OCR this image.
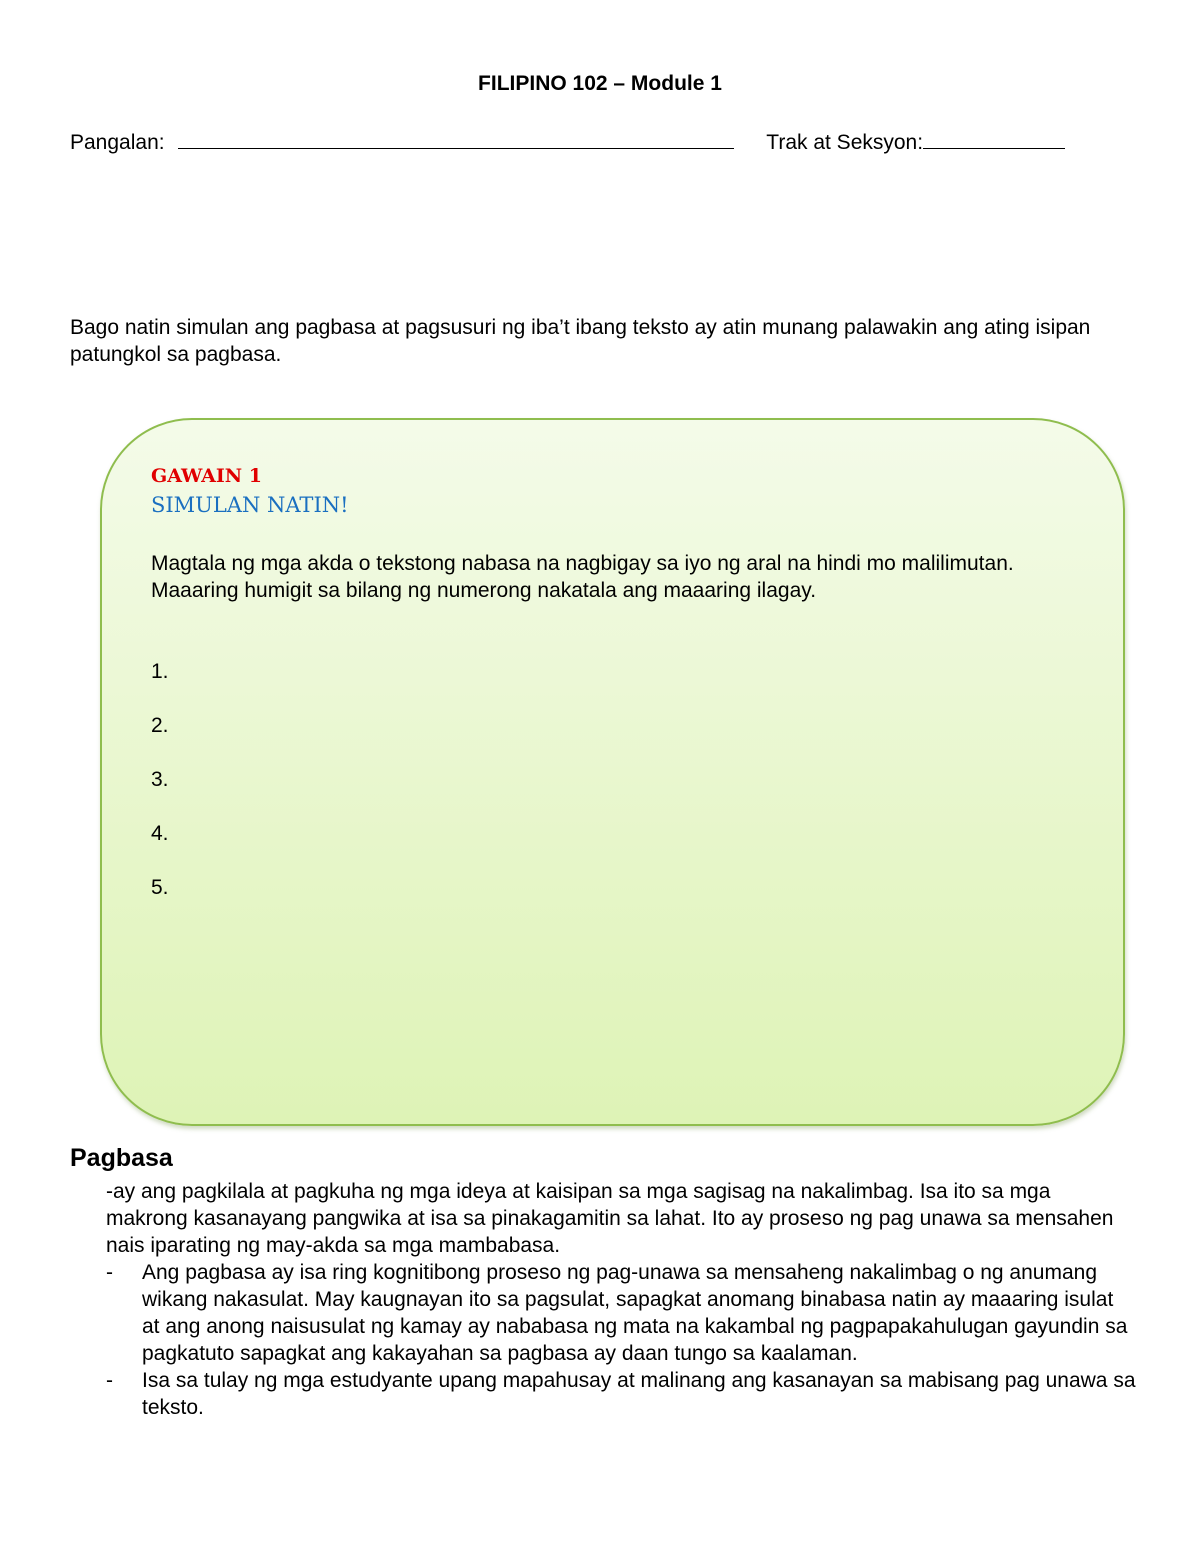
FILIPINO 102 – Module 1
Pangalan:	Trak at Seksyon:
Bago natin simulan ang pagbasa at pagsusuri ng iba’t ibang teksto ay atin munang palawakin ang ating isipan patungkol sa pagbasa.
GAWAIN 1
SIMULAN NATIN!
Magtala ng mga akda o tekstong nabasa na nagbigay sa iyo ng aral na hindi mo malilimutan. Maaaring humigit sa bilang ng numerong nakatala ang maaaring ilagay.
1.
2.
3.
4.
5.
Pagbasa
-ay ang pagkilala at pagkuha ng mga ideya at kaisipan sa mga sagisag na nakalimbag. Isa ito sa mga makrong kasanayang pangwika at isa sa pinakagamitin sa lahat. Ito ay proseso ng pag unawa sa mensahen nais iparating ng may-akda sa mga mambabasa.
- Ang pagbasa ay isa ring kognitibong proseso ng pag-unawa sa mensaheng nakalimbag o ng anumang wikang nakasulat. May kaugnayan ito sa pagsulat, sapagkat anomang binabasa natin ay maaaring isulat at ang anong naisusulat ng kamay ay nababasa ng mata na kakambal ng pagpapakahulugan gayundin sa pagkatuto sapagkat ang kakayahan sa pagbasa ay daan tungo sa kaalaman.
- Isa sa tulay ng mga estudyante upang mapahusay at malinang ang kasanayan sa mabisang pag unawa sa teksto.
